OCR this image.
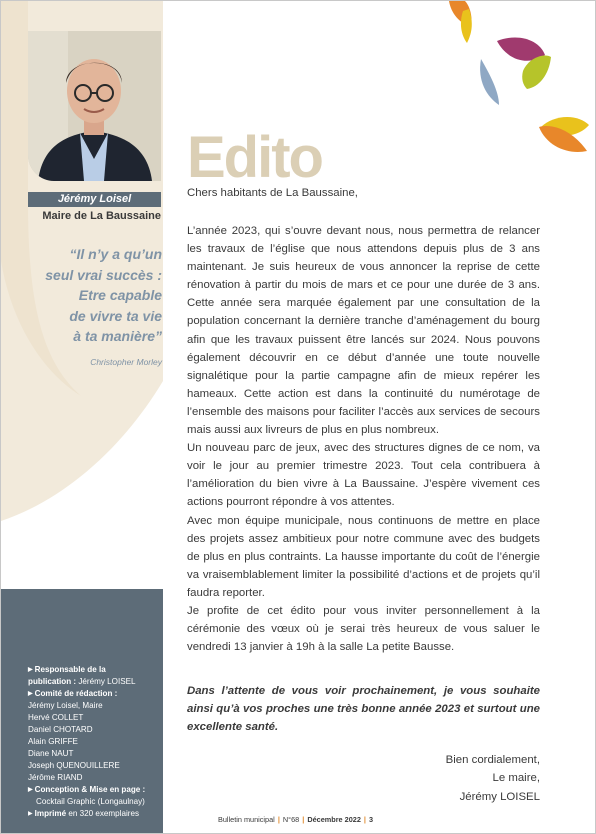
Jérémy Loisel
Maire de La Baussaine
“Il n’y a qu’un
seul vrai succès :
Etre capable
de vivre ta vie
à ta manière”
Christopher Morley
▶ Responsable de la
publication : Jérémy LOISEL
▶ Comité de rédaction :
Jérémy Loisel, Maire
Hervé COLLET
Daniel CHOTARD
Alain GRIFFE
Diane NAUT
Joseph QUENOUILLERE
Jérôme RIAND
▶ Conception & Mise en page :
Cocktail Graphic (Longaulnay)
▶ Imprimé en 320 exemplaires
Edito
Chers habitants de La Baussaine,

L’année 2023, qui s’ouvre devant nous, nous permettra de relancer les travaux de l’église que nous attendons depuis plus de 3 ans maintenant. Je suis heureux de vous annoncer la reprise de cette rénovation à partir du mois de mars et ce pour une durée de 3 ans. Cette année sera marquée également par une consultation de la population concernant la dernière tranche d’aménagement du bourg afin que les travaux puissent être lancés sur 2024. Nous pouvons également découvrir en ce début d’année une toute nouvelle signalétique pour la partie campagne afin de mieux repérer les hameaux. Cette action est dans la continuité du numérotage de l’ensemble des maisons pour faciliter l’accès aux services de secours mais aussi aux livreurs de plus en plus nombreux.

Un nouveau parc de jeux, avec des structures dignes de ce nom, va voir le jour au premier trimestre 2023. Tout cela contribuera à l’amélioration du bien vivre à La Baussaine. J’espère vivement ces actions pourront répondre à vos attentes.

Avec mon équipe municipale, nous continuons de mettre en place des projets assez ambitieux pour notre commune avec des budgets de plus en plus contraints. La hausse importante du coût de l’énergie va vraisemblablement limiter la possibilité d’actions et de projets qu’il faudra reporter.

Je profite de cet édito pour vous inviter personnellement à la cérémonie des vœux où je serai très heureux de vous saluer le vendredi 13 janvier à 19h à la salle La petite Bausse.

Dans l’attente de vous voir prochainement, je vous souhaite ainsi qu’à vos proches une très bonne année 2023 et surtout une excellente santé.
Bien cordialement,
Le maire,
Jérémy LOISEL
Bulletin municipal | N°68 | Décembre 2022 | 3
